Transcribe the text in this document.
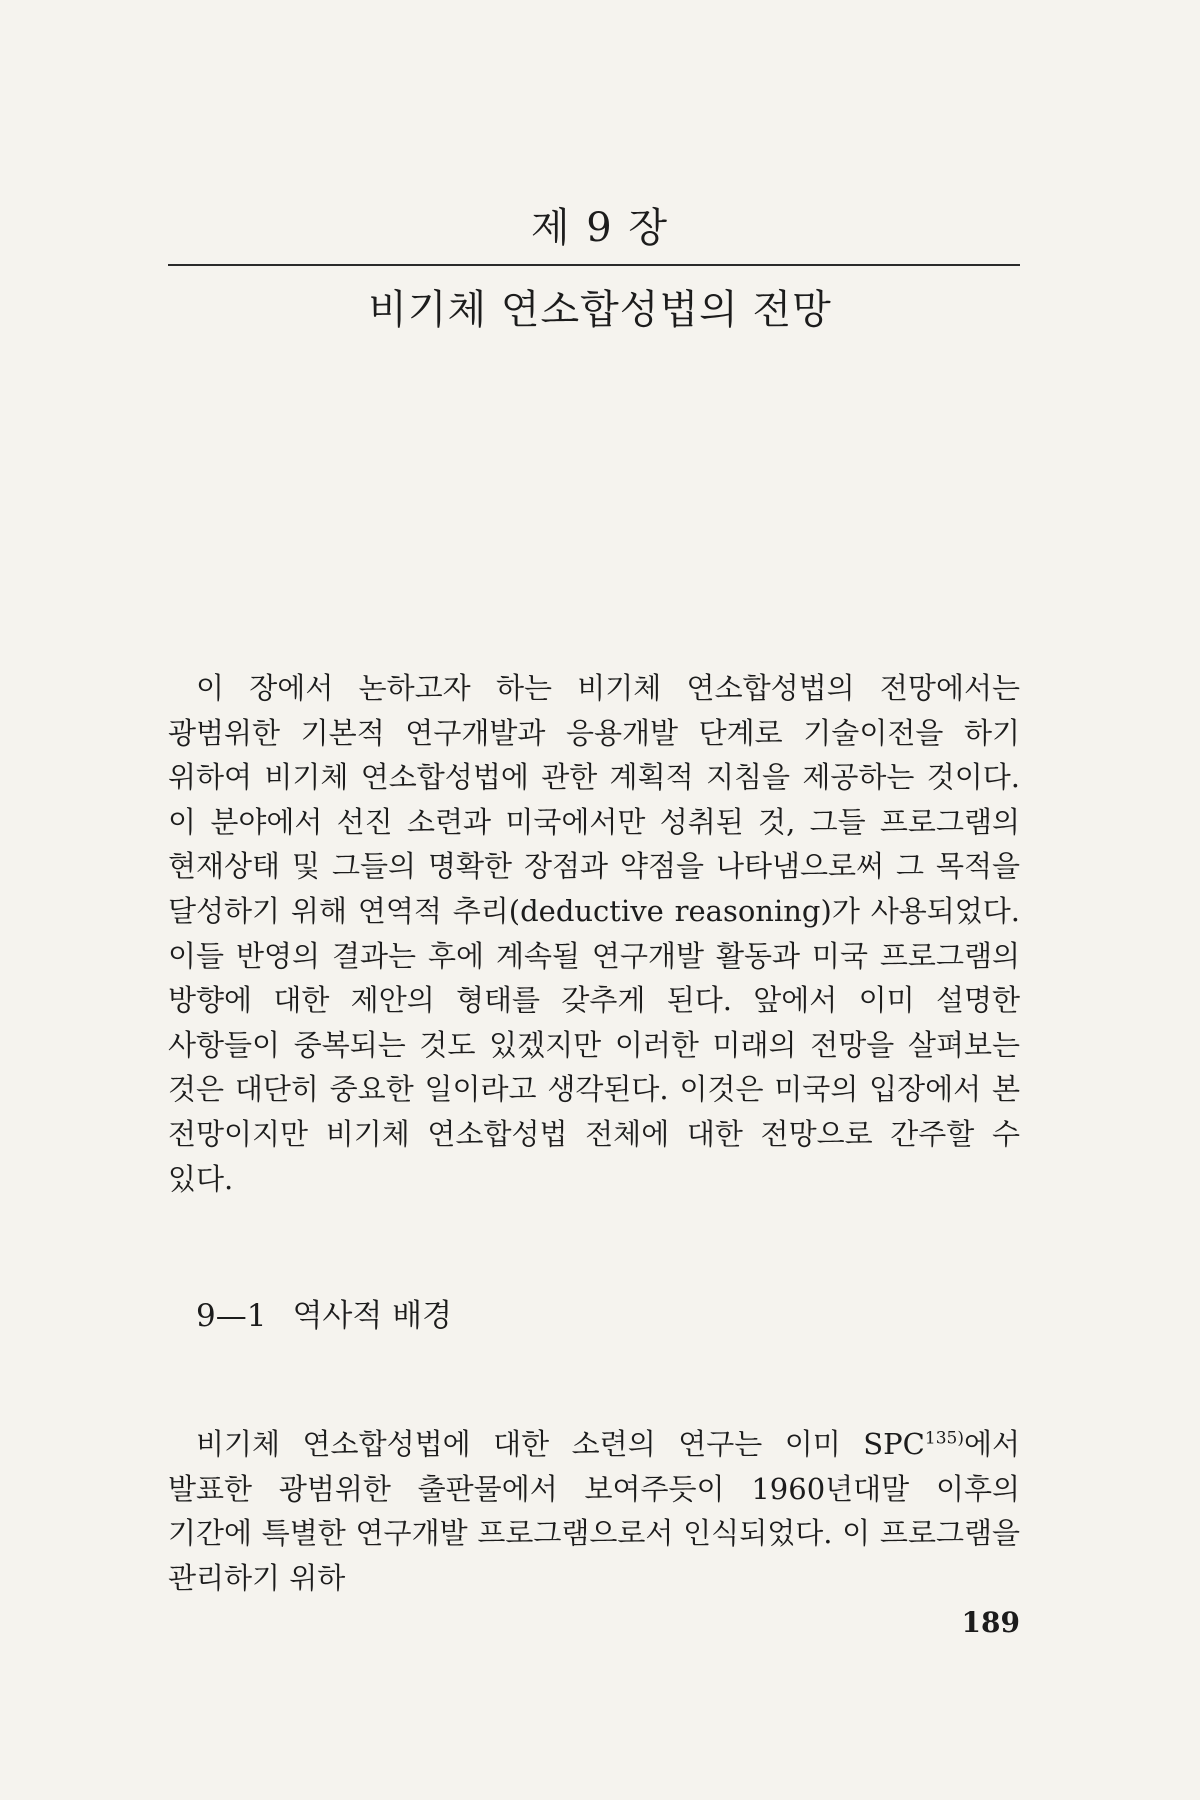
제 9 장
비기체 연소합성법의 전망

이 장에서 논하고자 하는 비기체 연소합성법의 전망에서는 광범위한 기본적 연구개발과 응용개발 단계로 기술이전을 하기 위하여 비기체 연소합성법에 관한 계획적 지침을 제공하는 것이다. 이 분야에서 선진 소련과 미국에서만 성취된 것, 그들 프로그램의 현재상태 및 그들의 명확한 장점과 약점을 나타냄으로써 그 목적을 달성하기 위해 연역적 추리(deductive reasoning)가 사용되었다. 이들 반영의 결과는 후에 계속될 연구개발 활동과 미국 프로그램의 방향에 대한 제안의 형태를 갖추게 된다. 앞에서 이미 설명한 사항들이 중복되는 것도 있겠지만 이러한 미래의 전망을 살펴보는 것은 대단히 중요한 일이라고 생각된다. 이것은 미국의 입장에서 본 전망이지만 비기체 연소합성법 전체에 대한 전망으로 간주할 수 있다.

9—1 역사적 배경

비기체 연소합성법에 대한 소련의 연구는 이미 SPC$^{135)}$에서 발표한 광범위한 출판물에서 보여주듯이 1960년대말 이후의 기간에 특별한 연구개발 프로그램으로서 인식되었다. 이 프로그램을 관리하기 위하

189
